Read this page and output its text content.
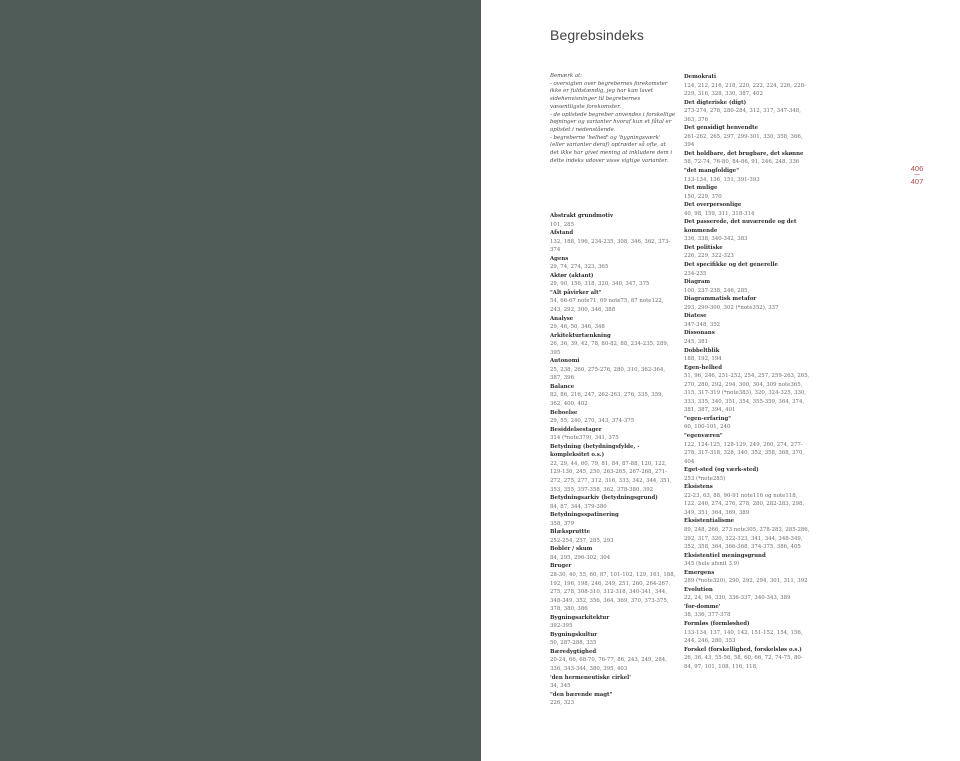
Begrebsindeks
Bemærk at:
- oversigten over begrebernes forekomster ikke er fuldstændig, jeg har kun lavet sidehenvisninger til begrebernes væsentligste forekomster.
- de oplistede begreber anvendes i forskellige bøjninger og varianter hvoraf kun et fåtal er oplistet i nedenstående.
- begreberne 'helhed' og 'bygningsværk' (eller varianter deraf) optræder så ofte, at det ikke har givet mening at inkludere dem i dette indeks udover visse vigtige varianter.
Abstrakt grundmotiv
101, 285
Afstand
132, 188, 196, 234-235, 308, 346, 362, 373-374
Agens
29, 74, 274, 323, 365
Aktør (aktant)
29, 90, 156, 318, 320, 340, 347, 375
"Alt påvirker alt"
54, 66-67 note71, 69 note75, 87 note122, 243, 292, 300, 346, 388
Analyse
29, 46, 50, 346, 348
Arkitekturtænkning
26, 36, 39, 42, 78, 80-82, 88, 234-235, 289, 395
Autonomi
25, 238, 260, 275-276, 280, 310, 362-364, 387, 396
Balance
82, 86, 216, 247, 262-263, 276, 335, 359, 362, 400, 402
Beboelse
29, 55, 240, 270, 343, 374-375
Besiddelsestager
314 (*note379), 341, 375
Betydning (betydningsfylde, -kompleksitet o.s.)
22, 29, 44, 60, 79, 81, 84, 87-88, 120, 122, 129-130, 245, 250, 263-265, 267-268, 271-272, 275, 277, 312, 316, 333, 342, 344, 351, 353, 355, 357-358, 362, 378-380, 392
Betydningsarkiv (betydningsgrund)
84, 87, 344, 379-380
Betydningsspatinering
358, 379
Blækspruttte
252-254, 257, 285, 293
Bobler / skum
84, 295, 296-302, 304
Bruger
28-30, 40, 55, 60, 87, 101-102, 129, 161, 188, 192, 196, 198, 246, 249, 251, 260, 264-267, 275, 278, 308-310, 312-318, 340-341, 344, 348-349, 352, 356, 364, 369, 370, 373-375, 378, 380, 386
Bygningsarkitektur
392-395
Bygningskultur
50, 287-288, 335
Bæredygtighed
20-24, 66, 68-70, 76-77, 86, 243, 249, 284, 336, 343-344, 380, 395, 403
'den hermeneutiske cirkel'
34, 345
"den bærende magt"
226, 323
Demokrati
124, 212, 216, 218, 220, 222, 224, 226, 228-229, 316, 328, 330, 387, 402
Det digteriske (digt)
273-274, 278, 280-284, 312, 317, 347-348, 363, 376
Det gensidigt henvendte
261-262, 265, 297, 299-301, 330, 358, 366, 394
Det holdbare, det brugbare, det skønne
58, 72-74, 76-80, 84-86, 91, 246, 248, 336
"det mangfoldige"
133-134, 136, 151, 391-393
Det mulige
150, 229, 370
Det overpersonlige
40, 98, 159, 311, 318-314
Det passerede, det nuværende og det kommende
336, 338, 340-342, 383
Det politiske
226, 229, 322-323
Det specifikke og det generelle
234-235
Diagram
100, 237-238, 246, 285,
Diagrammatisk metafor
293, 299-300, 302 (*note352), 337
Diatese
347-348, 352
Dissonans
245, 381
Dobbeltblik
188, 192, 194
Egen-helhed
51, 96, 246, 251-252, 254, 257, 259-263, 265, 270, 280, 292, 294, 300, 304, 309 note365, 315, 317-319 (*note383), 320, 324-325, 330, 333, 335, 340, 351, 354, 355-359, 364, 374, 381, 387, 394, 401
"egen-erfaring"
60, 100-101, 240
"egenværen"
122, 124-125, 128-129, 249, 260, 274, 277-278, 317-318, 328, 340, 352, 358, 368, 370, 404
Eget-sted (og værk-sted)
253 (*note285)
Eksistens
22-23, 63, 88, 90-91 note116 og note118, 122, 240, 274, 276, 278, 280, 282-283, 298, 349, 351, 364, 369, 389
Eksistentialisme
89, 248, 266, 273 note305, 278-282, 285-286, 292, 317, 320, 322-323, 341, 344, 348-349, 352, 358, 364, 366-368, 374-375, 386, 405
Eksistentiel meningsgrund
345 (hele afsnit 3.9)
Emergens
289 (*note320), 290, 292, 294, 301, 311, 392
Evolution
22, 24, 94, 330, 336-337, 340-343, 389
'for-domme'
38, 336, 377-378
Formløs (formløshed)
133-134, 137, 140, 142, 151-152, 154, 156, 244, 246, 280, 353
Forskel (forskellighed, forskelsløs o.s.)
26, 36, 43, 55-56, 58, 60, 66, 72, 74-75, 80-84, 97, 101, 108, 116, 118,
406
—
407
